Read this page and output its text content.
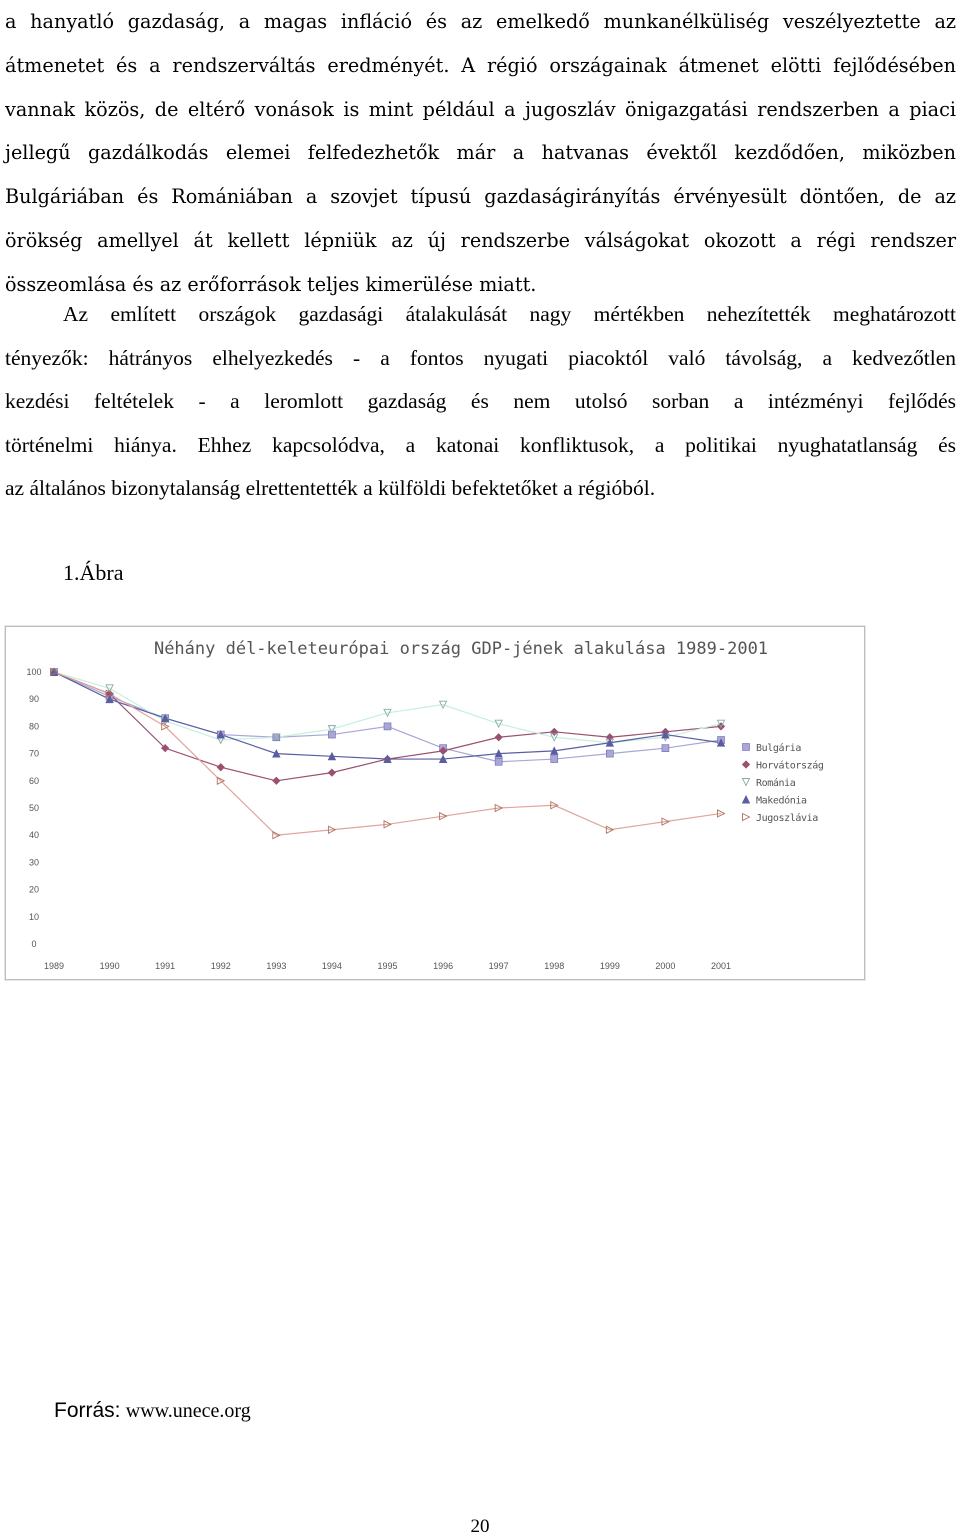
a hanyatló gazdaság, a magas infláció és az emelkedő munkanélküliség veszélyeztette az
átmenetet és a rendszerváltás eredményét. A régió országainak átmenet elötti fejlődésében
vannak közös, de eltérő vonások is mint például a jugoszláv önigazgatási rendszerben a piaci
jellegű gazdálkodás elemei felfedezhetők már a hatvanas évektől kezdődően, miközben
Bulgáriában és Romániában a szovjet típusú gazdaságirányítás érvényesült döntően, de az
örökség amellyel át kellett lépniük az új rendszerbe válságokat okozott a régi rendszer
összeomlása és az erőforrások teljes kimerülése miatt.
Az említett országok gazdasági átalakulását nagy mértékben nehezítették meghatározott
tényezők: hátrányos elhelyezkedés - a fontos nyugati piacoktól való távolság, a kedvezőtlen
kezdési feltételek - a leromlott gazdaság és nem utolsó sorban a intézményi fejlődés
történelmi hiánya. Ehhez kapcsolódva, a katonai konfliktusok, a politikai nyughatatlanság és
az általános bizonytalanság elrettentették a külföldi befektetőket a régióból.
1.Ábra
Néhány dél-keleteurópai ország GDP-jének alakulása 1989-2001
0
10
20
30
40
50
60
70
80
90
100
1989	1990	1991	1992	1993	1994	1995	1996	1997	1998	1999	2000	2001
Bulgária
Horvátország
Románia
Makedónia
Jugoszlávia
Forrás: www.unece.org
20
